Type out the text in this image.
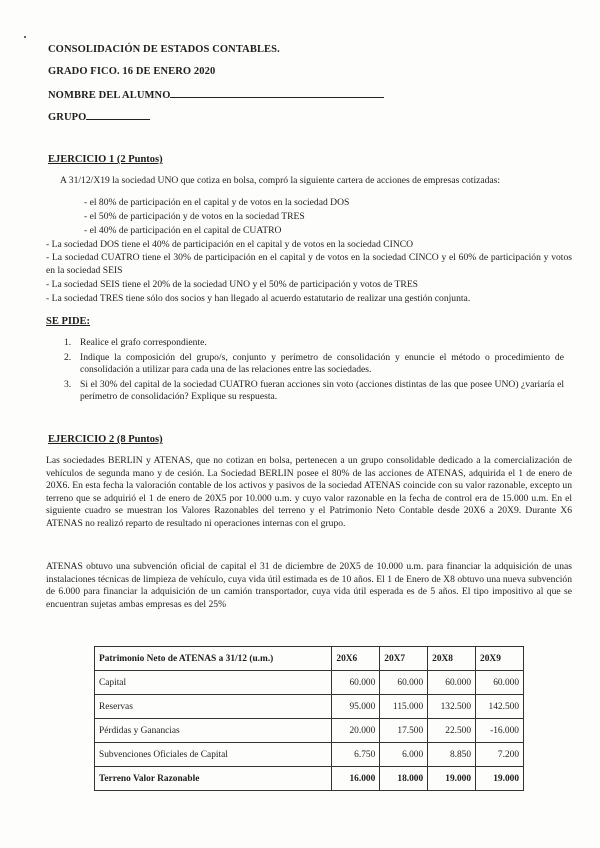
CONSOLIDACIÓN DE ESTADOS CONTABLES.
GRADO FICO. 16 DE ENERO 2020
NOMBRE DEL ALUMNO
GRUPO
EJERCICIO 1 (2 Puntos)
A 31/12/X19 la sociedad UNO que cotiza en bolsa, compró la siguiente cartera de acciones de empresas cotizadas:
- el 80% de participación en el capital y de votos en la sociedad DOS
- el 50% de participación y de votos en la sociedad TRES
- el 40% de participación en el capital de CUATRO
- La sociedad DOS tiene el 40% de participación en el capital y de votos en la sociedad CINCO
- La sociedad CUATRO tiene el 30% de participación en el capital y de votos en la sociedad CINCO y el 60% de participación y votos en la sociedad SEIS
- La sociedad SEIS tiene el 20% de la sociedad UNO y el 50% de participación y votos de TRES
- La sociedad TRES tiene sólo dos socios y han llegado al acuerdo estatutario de realizar una gestión conjunta.
SE PIDE:
1. Realice el grafo correspondiente.
2. Indique la composición del grupo/s, conjunto y perímetro de consolidación y enuncie el método o procedimiento de consolidación a utilizar para cada una de las relaciones entre las sociedades.
3. Si el 30% del capital de la sociedad CUATRO fueran acciones sin voto (acciones distintas de las que posee UNO) ¿variaría el perímetro de consolidación? Explique su respuesta.
EJERCICIO 2 (8 Puntos)
Las sociedades BERLIN y ATENAS, que no cotizan en bolsa, pertenecen a un grupo consolidable dedicado a la comercialización de vehículos de segunda mano y de cesión. La Sociedad BERLIN posee el 80% de las acciones de ATENAS, adquirida el 1 de enero de 20X6. En esta fecha la valoración contable de los activos y pasivos de la sociedad ATENAS coincide con su valor razonable, excepto un terreno que se adquirió el 1 de enero de 20X5 por 10.000 u.m. y cuyo valor razonable en la fecha de control era de 15.000 u.m. En el siguiente cuadro se muestran los Valores Razonables del terreno y el Patrimonio Neto Contable desde 20X6 a 20X9. Durante X6 ATENAS no realizó reparto de resultado ni operaciones internas con el grupo.
ATENAS obtuvo una subvención oficial de capital el 31 de diciembre de 20X5 de 10.000 u.m. para financiar la adquisición de unas instalaciones técnicas de limpieza de vehículo, cuya vida útil estimada es de 10 años. El 1 de Enero de X8 obtuvo una nueva subvención de 6.000 para financiar la adquisición de un camión transportador, cuya vida útil esperada es de 5 años. El tipo impositivo al que se encuentran sujetas ambas empresas es del 25%
Patrimonio Neto de ATENAS a 31/12 (u.m.)	20X6	20X7	20X8	20X9
Capital	60.000	60.000	60.000	60.000
Reservas	95.000	115.000	132.500	142.500
Pérdidas y Ganancias	20.000	17.500	22.500	-16.000
Subvenciones Oficiales de Capital	6.750	6.000	8.850	7.200
Terreno Valor Razonable	16.000	18.000	19.000	19.000
